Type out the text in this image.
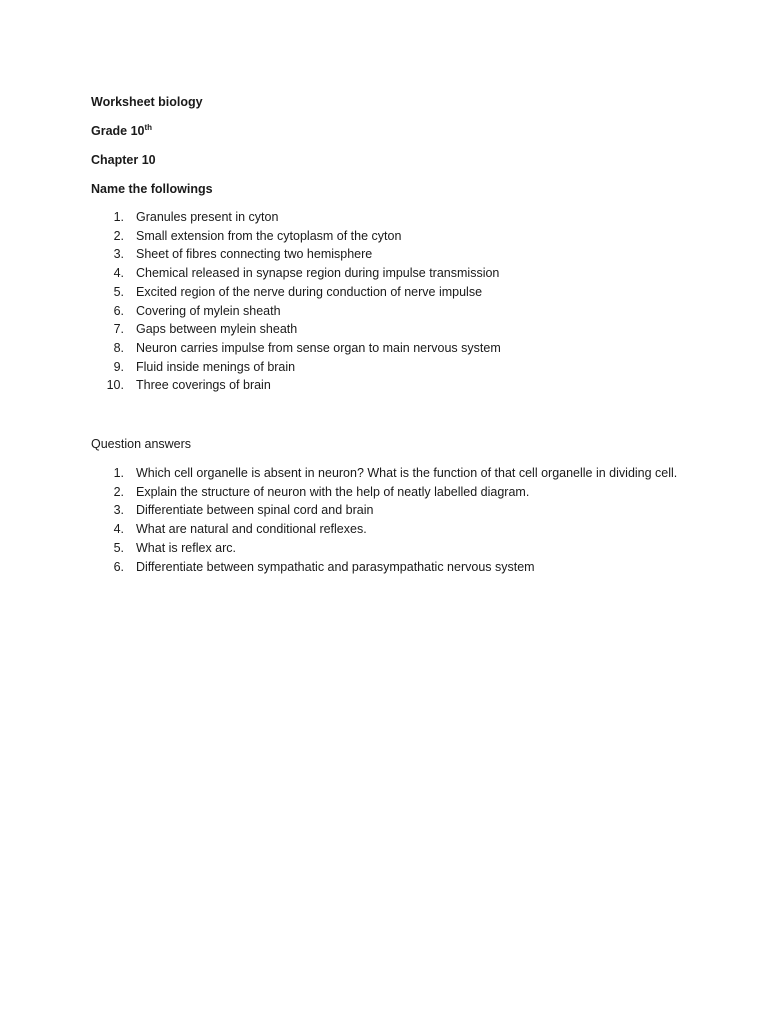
Worksheet biology
Grade 10th
Chapter 10
Name the followings
1. Granules present in cyton
2. Small extension from the cytoplasm of the cyton
3. Sheet of fibres connecting two hemisphere
4. Chemical released in synapse region during impulse transmission
5. Excited region of the nerve during conduction of nerve impulse
6. Covering of mylein sheath
7. Gaps between mylein sheath
8. Neuron carries impulse from sense organ to main nervous system
9. Fluid inside menings of brain
10. Three coverings of brain
Question answers
1. Which cell organelle is absent in neuron? What is the function of that cell organelle in dividing cell.
2. Explain the structure of neuron with the help of neatly labelled diagram.
3. Differentiate between spinal cord and brain
4. What are natural and conditional reflexes.
5. What is reflex arc.
6. Differentiate between sympathatic and parasympathatic nervous system
